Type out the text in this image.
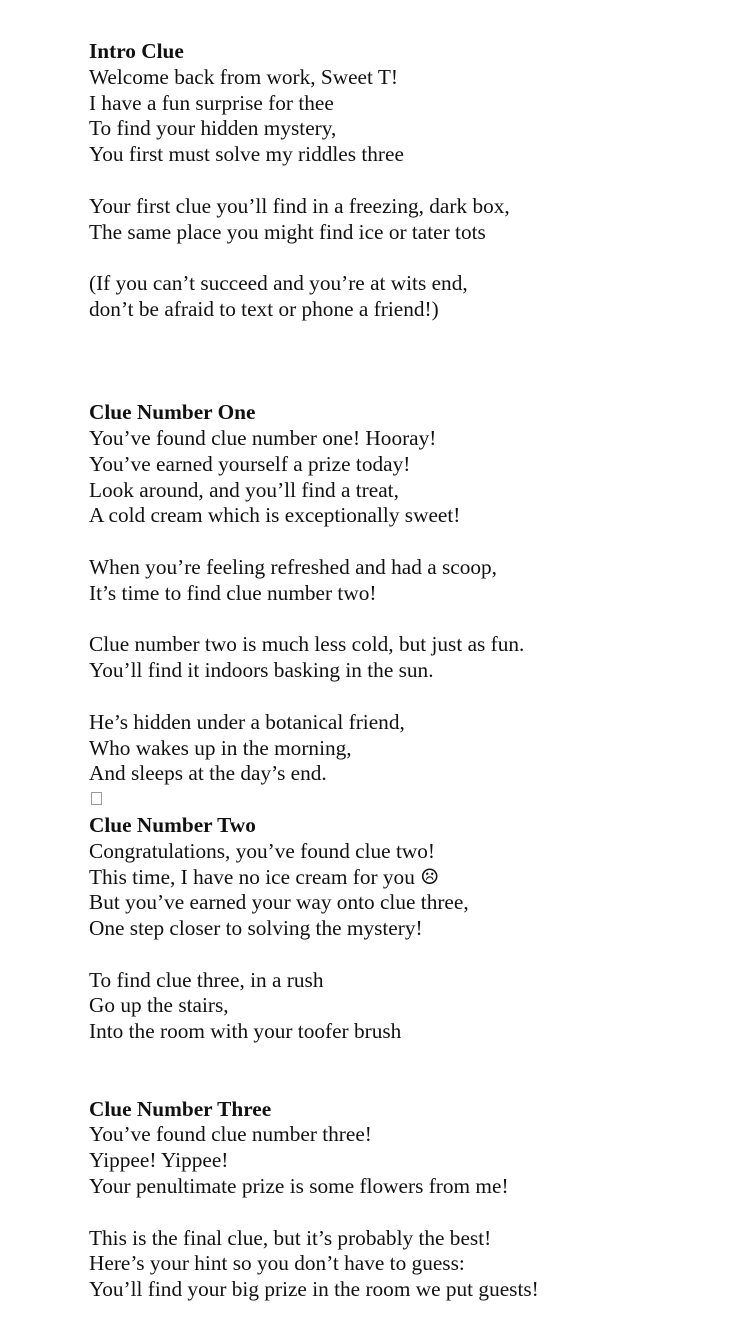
Intro Clue
Welcome back from work, Sweet T!
I have a fun surprise for thee
To find your hidden mystery,
You first must solve my riddles three
Your first clue you’ll find in a freezing, dark box,
The same place you might find ice or tater tots
(If you can’t succeed and you’re at wits end,
don’t be afraid to text or phone a friend!)
Clue Number One
You’ve found clue number one! Hooray!
You’ve earned yourself a prize today!
Look around, and you’ll find a treat,
A cold cream which is exceptionally sweet!
When you’re feeling refreshed and had a scoop,
It’s time to find clue number two!
Clue number two is much less cold, but just as fun.
You’ll find it indoors basking in the sun.
He’s hidden under a botanical friend,
Who wakes up in the morning,
And sleeps at the day’s end.
Clue Number Two
Congratulations, you’ve found clue two!
This time, I have no ice cream for you ☹
But you’ve earned your way onto clue three,
One step closer to solving the mystery!
To find clue three, in a rush
Go up the stairs,
Into the room with your toofer brush
Clue Number Three
You’ve found clue number three!
Yippee! Yippee!
Your penultimate prize is some flowers from me!
This is the final clue, but it’s probably the best!
Here’s your hint so you don’t have to guess:
You’ll find your big prize in the room we put guests!
